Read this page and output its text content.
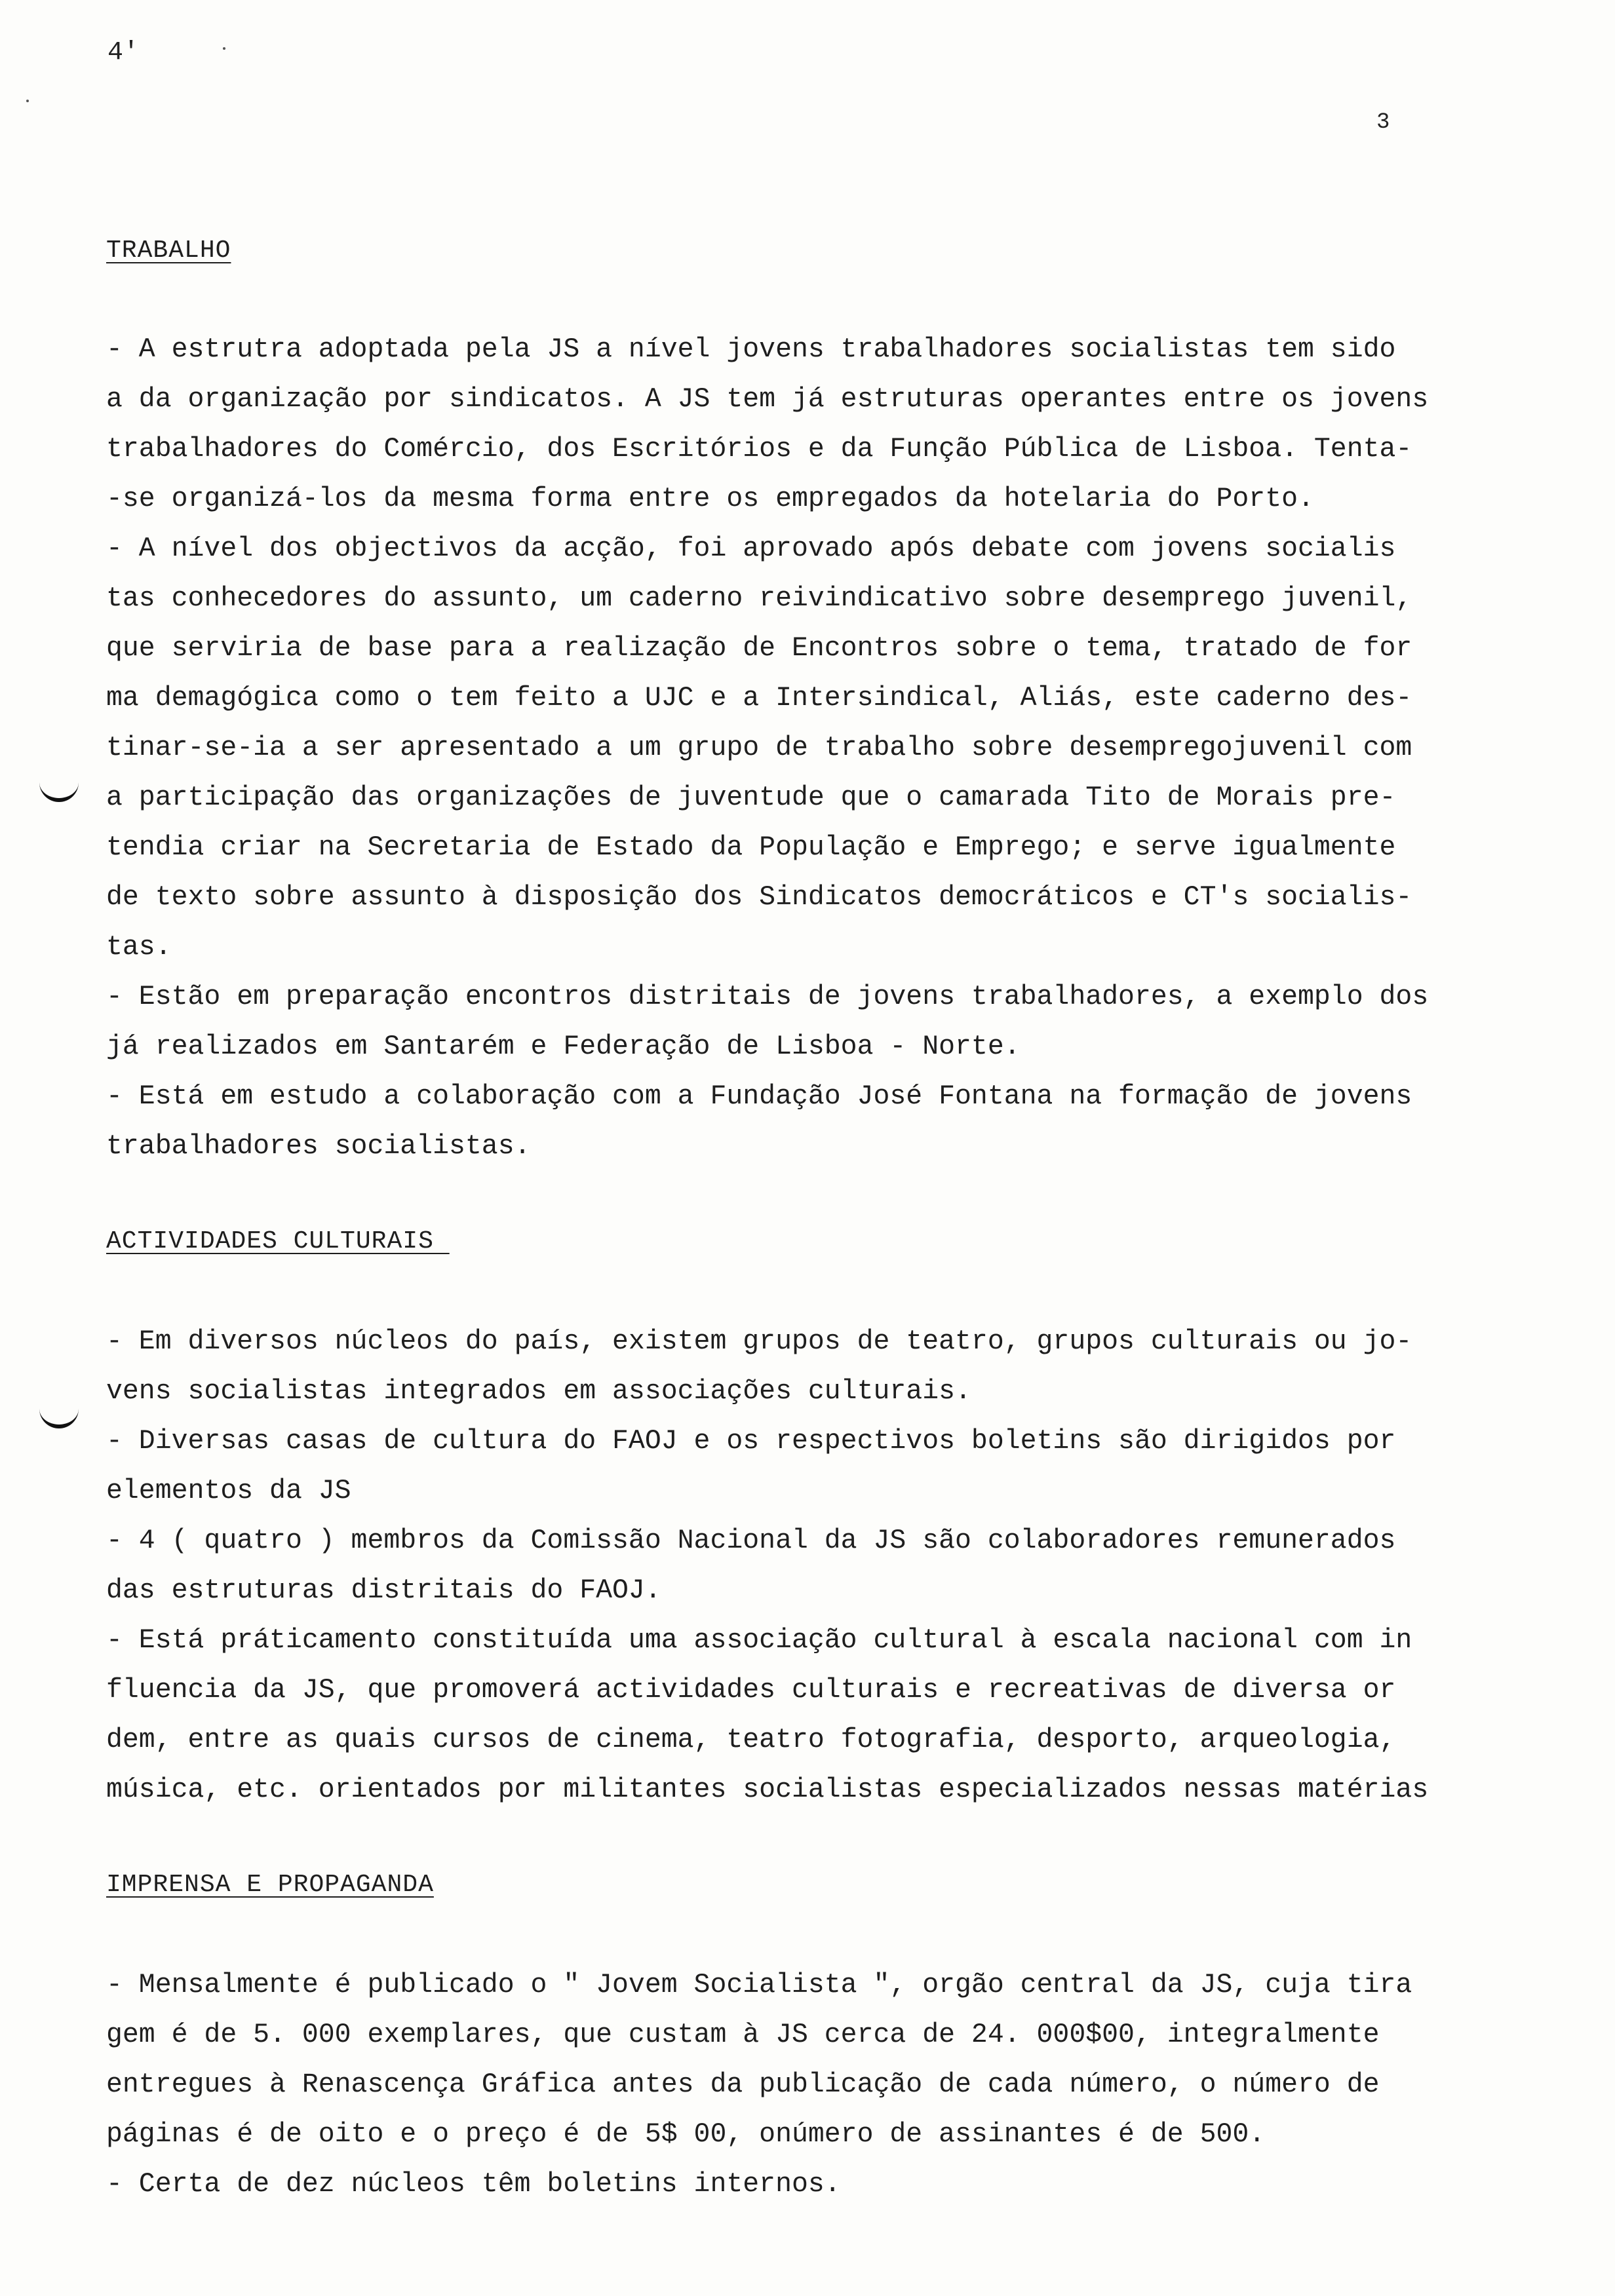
4'
3
TRABALHO
- A estrutra adoptada pela JS a nível jovens trabalhadores socialistas tem sido
a da organização por sindicatos. A JS tem já estruturas operantes entre os jovens
trabalhadores do Comércio, dos Escritórios e da Função Pública de Lisboa. Tenta-
-se organizá-los da mesma forma entre os empregados da hotelaria do Porto.
- A nível dos objectivos da acção, foi aprovado após debate com jovens socialis
tas conhecedores do assunto, um caderno reivindicativo sobre desemprego juvenil,
que serviria de base para a realização de Encontros sobre o tema, tratado de for
ma demagógica como o tem feito a UJC e a Intersindical, Aliás, este caderno des-
tinar-se-ia a ser apresentado a um grupo de trabalho sobre desempregojuvenil com
a participação das organizações de juventude que o camarada Tito de Morais pre-
tendia criar na Secretaria de Estado da População e Emprego; e serve igualmente
de texto sobre assunto à disposição dos Sindicatos democráticos e CT's socialis-
tas.
- Estão em preparação encontros distritais de jovens trabalhadores, a exemplo dos
já realizados em Santarém e Federação de Lisboa - Norte.
- Está em estudo a colaboração com a Fundação José Fontana na formação de jovens
trabalhadores socialistas.
ACTIVIDADES CULTURAIS
- Em diversos núcleos do país, existem grupos de teatro, grupos culturais ou jo-
vens socialistas integrados em associações culturais.
- Diversas casas de cultura do FAOJ e os respectivos boletins são dirigidos por
elementos da JS
- 4 ( quatro ) membros da Comissão Nacional da JS são colaboradores remunerados
das estruturas distritais do FAOJ.
- Está práticamento constituída uma associação cultural à escala nacional com in
fluencia da JS, que promoverá actividades culturais e recreativas de diversa or
dem, entre as quais cursos de cinema, teatro fotografia, desporto, arqueologia,
música, etc. orientados por militantes socialistas especializados nessas matérias
IMPRENSA E PROPAGANDA
- Mensalmente é publicado o " Jovem Socialista ", orgão central da JS, cuja tira
gem é de 5. 000 exemplares, que custam à JS cerca de 24. 000$00, integralmente
entregues à Renascença Gráfica antes da publicação de cada número, o número de
páginas é de oito e o preço é de 5$ 00, onúmero de assinantes é de 500.
- Certa de dez núcleos têm boletins internos.
